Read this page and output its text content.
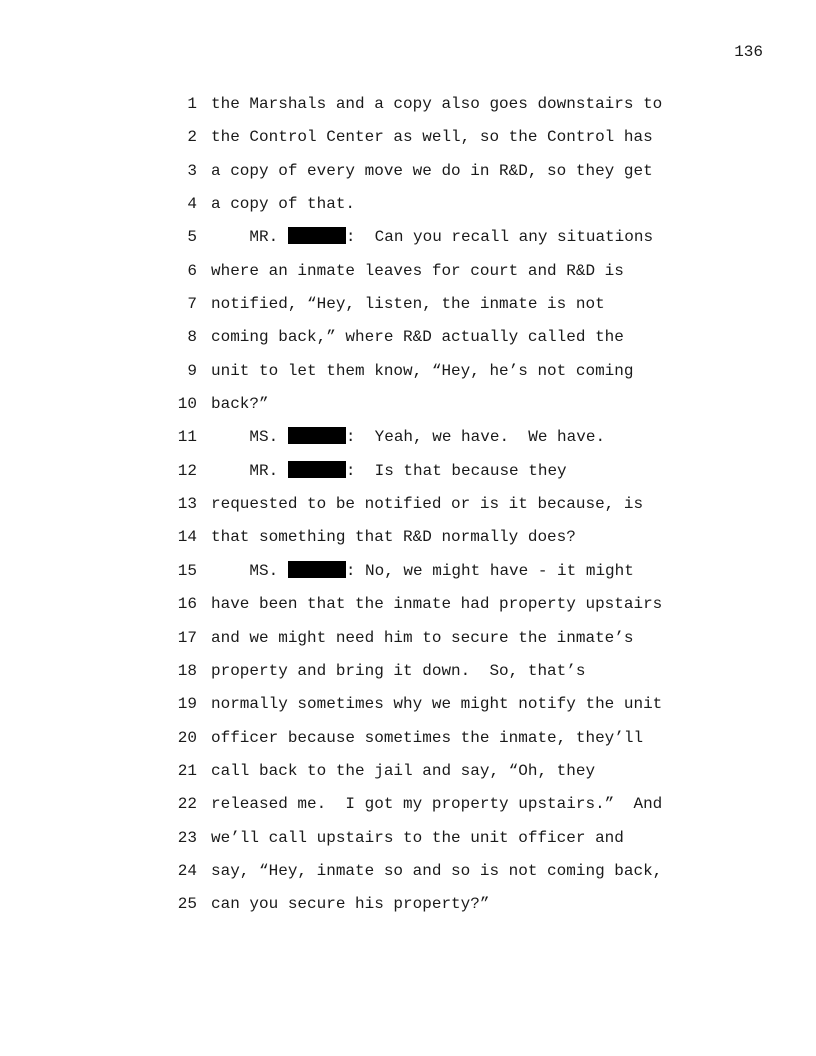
136

1

the Marshals and a copy also goes downstairs to

2

the Control Center as well, so the Control has

3

a copy of every move we do in R&D, so they get

4

a copy of that.

5

MR.	:  Can you recall any situations

6

where an inmate leaves for court and R&D is

7

notified, “Hey, listen, the inmate is not

8

coming back,” where R&D actually called the

9

unit to let them know, “Hey, he’s not coming

10

back?”

11

MS.	:  Yeah, we have.  We have.

12

MR.	:  Is that because they

13

requested to be notified or is it because, is

14

that something that R&D normally does?

15

MS.	: No, we might have - it might

16

have been that the inmate had property upstairs

17

and we might need him to secure the inmate’s

18

property and bring it down.  So, that’s

19

normally sometimes why we might notify the unit

20

officer because sometimes the inmate, they’ll

21

call back to the jail and say, “Oh, they

22

released me.  I got my property upstairs.”  And

23

we’ll call upstairs to the unit officer and

24

say, “Hey, inmate so and so is not coming back,

25

can you secure his property?”
